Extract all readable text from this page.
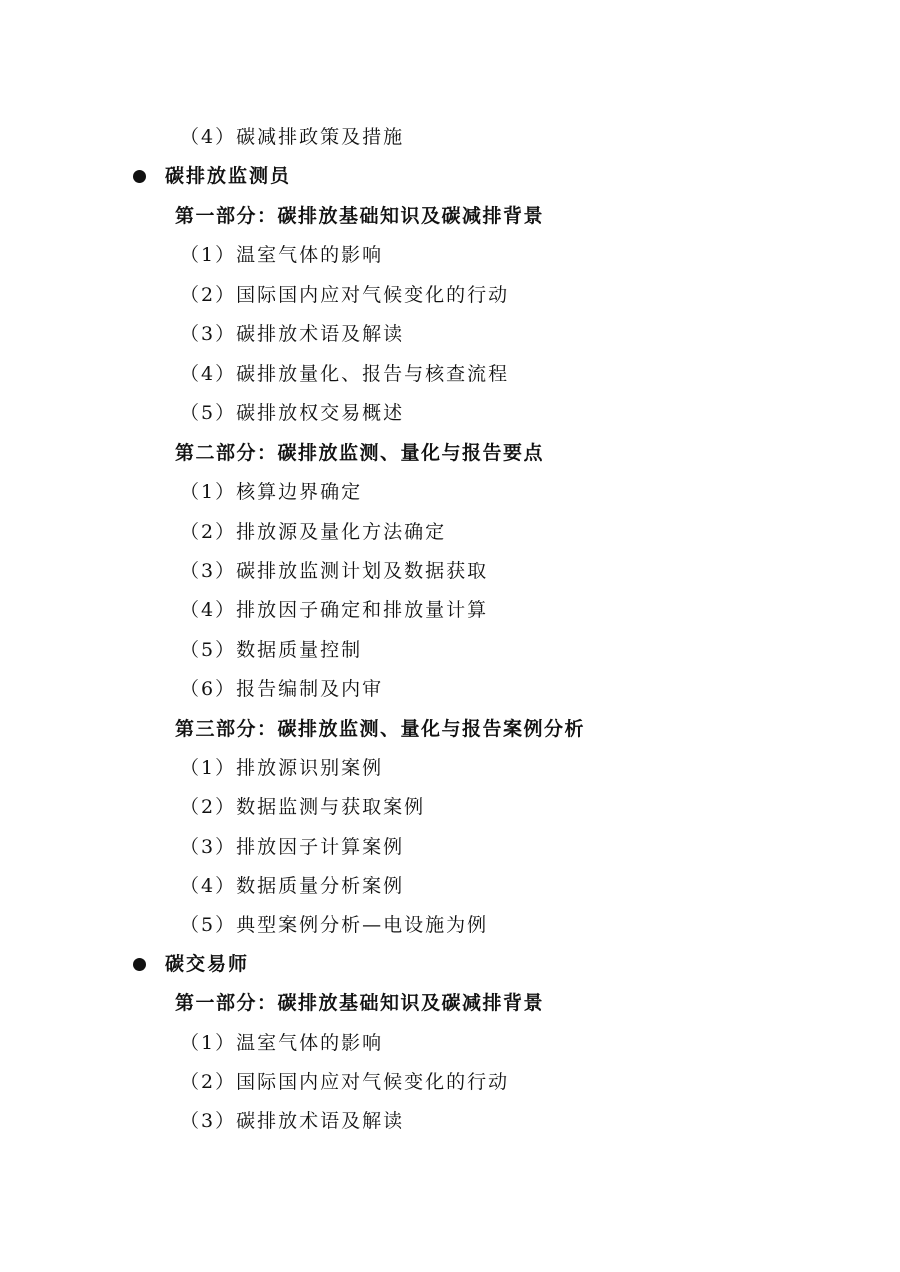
（4）碳减排政策及措施
碳排放监测员
第一部分：碳排放基础知识及碳减排背景
（1）温室气体的影响
（2）国际国内应对气候变化的行动
（3）碳排放术语及解读
（4）碳排放量化、报告与核查流程
（5）碳排放权交易概述
第二部分：碳排放监测、量化与报告要点
（1）核算边界确定
（2）排放源及量化方法确定
（3）碳排放监测计划及数据获取
（4）排放因子确定和排放量计算
（5）数据质量控制
（6）报告编制及内审
第三部分：碳排放监测、量化与报告案例分析
（1）排放源识别案例
（2）数据监测与获取案例
（3）排放因子计算案例
（4）数据质量分析案例
（5）典型案例分析—电设施为例
碳交易师
第一部分：碳排放基础知识及碳减排背景
（1）温室气体的影响
（2）国际国内应对气候变化的行动
（3）碳排放术语及解读
